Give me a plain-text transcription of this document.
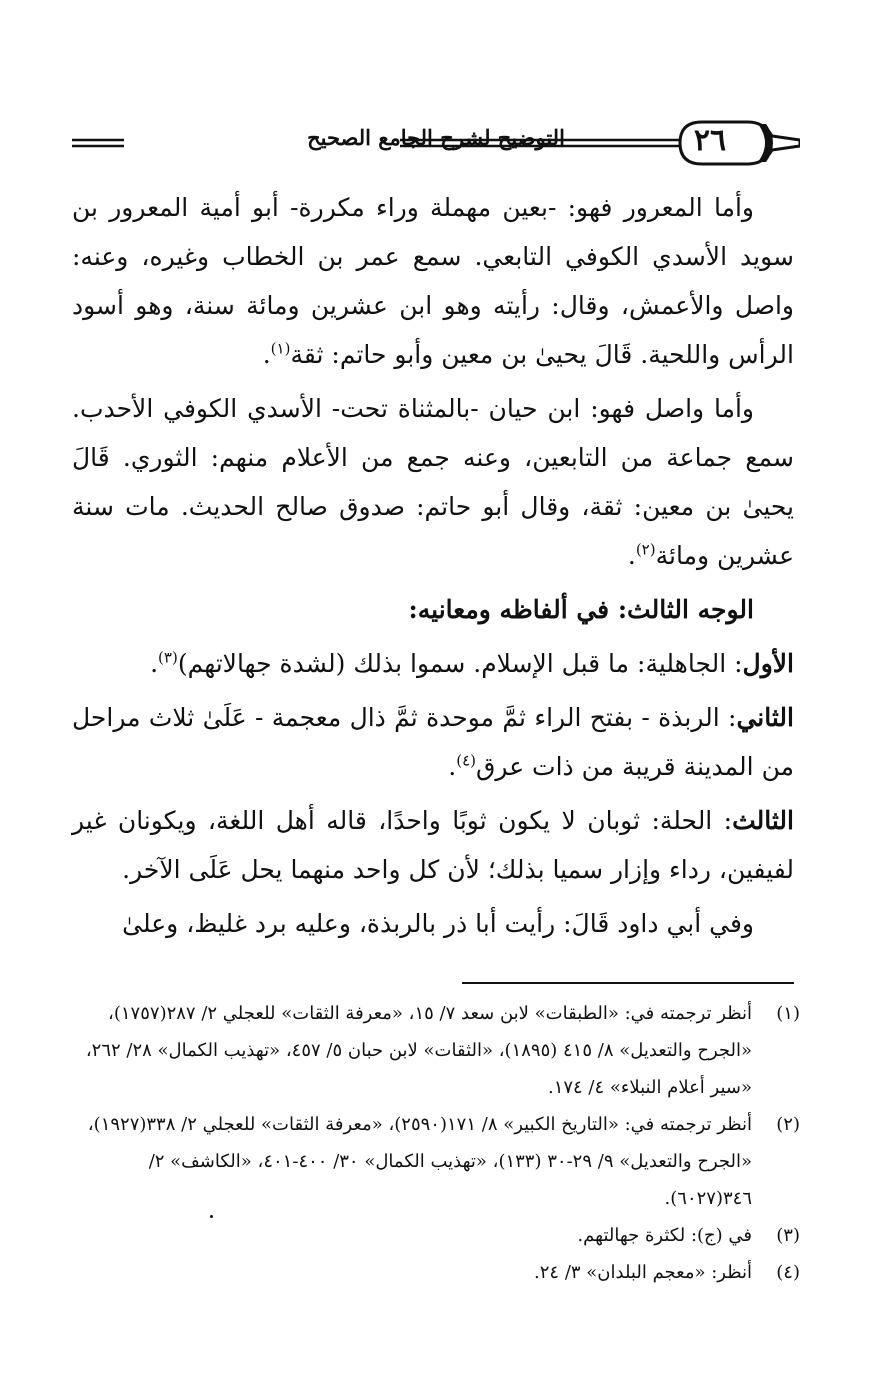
٢٦
التوضيح لشرح الجامع الصحيح

وأما المعرور فهو: -بعين مهملة وراء مكررة- أبو أمية المعرور بن سويد الأسدي الكوفي التابعي. سمع عمر بن الخطاب وغيره، وعنه: واصل والأعمش، وقال: رأيته وهو ابن عشرين ومائة سنة، وهو أسود الرأس واللحية. قَالَ يحيىٰ بن معين وأبو حاتم: ثقة$^{(١)}$.

وأما واصل فهو: ابن حيان -بالمثناة تحت- الأسدي الكوفي الأحدب. سمع جماعة من التابعين، وعنه جمع من الأعلام منهم: الثوري. قَالَ يحيىٰ بن معين: ثقة، وقال أبو حاتم: صدوق صالح الحديث. مات سنة عشرين ومائة$^{(٢)}$.

الوجه الثالث: في ألفاظه ومعانيه:

الأول: الجاهلية: ما قبل الإسلام. سموا بذلك (لشدة جهالاتهم)$^{(٣)}$.

الثاني: الربذة - بفتح الراء ثمَّ موحدة ثمَّ ذال معجمة - عَلَىٰ ثلاث مراحل من المدينة قريبة من ذات عرق$^{(٤)}$.

الثالث: الحلة: ثوبان لا يكون ثوبًا واحدًا، قاله أهل اللغة، ويكونان غير لفيفين، رداء وإزار سميا بذلك؛ لأن كل واحد منهما يحل عَلَى الآخر.

وفي أبي داود قَالَ: رأيت أبا ذر بالربذة، وعليه برد غليظ، وعلىٰ

(١)
أنظر ترجمته في: «الطبقات» لابن سعد ٧/ ١٥، «معرفة الثقات» للعجلي ٢/ ٢٨٧(١٧٥٧)، «الجرح والتعديل» ٨/ ٤١٥ (١٨٩٥)، «الثقات» لابن حبان ٥/ ٤٥٧، «تهذيب الكمال» ٢٨/ ٢٦٢، «سير أعلام النبلاء» ٤/ ١٧٤.
(٢)
أنظر ترجمته في: «التاريخ الكبير» ٨/ ١٧١(٢٥٩٠)، «معرفة الثقات» للعجلي ٢/ ٣٣٨(١٩٢٧)، «الجرح والتعديل» ٩/ ٢٩-٣٠ (١٣٣)، «تهذيب الكمال» ٣٠/ ٤٠٠-٤٠١، «الكاشف» ٢/ ٣٤٦(٦٠٢٧).
(٣)
في (ج): لكثرة جهالتهم.
(٤)
أنظر: «معجم البلدان» ٣/ ٢٤.
